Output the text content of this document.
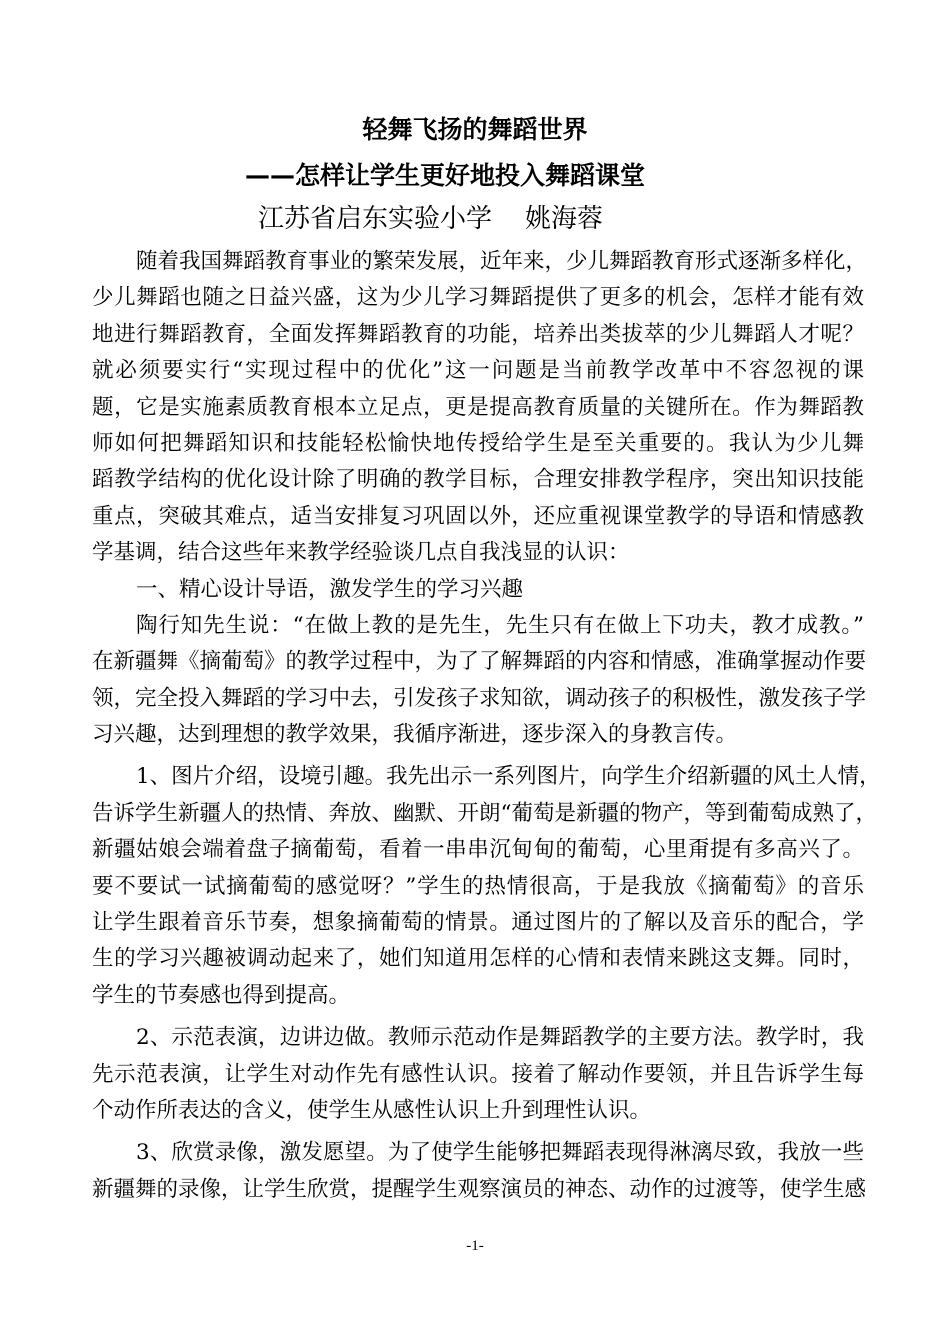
轻舞飞扬的舞蹈世界
——怎样让学生更好地投入舞蹈课堂
江苏省启东实验小学    姚海蓉
随着我国舞蹈教育事业的繁荣发展，近年来，少儿舞蹈教育形式逐渐多样化，
少儿舞蹈也随之日益兴盛，这为少儿学习舞蹈提供了更多的机会，怎样才能有效
地进行舞蹈教育，全面发挥舞蹈教育的功能，培养出类拔萃的少儿舞蹈人才呢？
就必须要实行“实现过程中的优化”这一问题是当前教学改革中不容忽视的课
题，它是实施素质教育根本立足点，更是提高教育质量的关键所在。作为舞蹈教
师如何把舞蹈知识和技能轻松愉快地传授给学生是至关重要的。我认为少儿舞
蹈教学结构的优化设计除了明确的教学目标，合理安排教学程序，突出知识技能
重点，突破其难点，适当安排复习巩固以外，还应重视课堂教学的导语和情感教
学基调，结合这些年来教学经验谈几点自我浅显的认识：
一、精心设计导语，激发学生的学习兴趣
陶行知先生说：“在做上教的是先生，先生只有在做上下功夫，教才成教。”
在新疆舞《摘葡萄》的教学过程中，为了了解舞蹈的内容和情感，准确掌握动作要
领，完全投入舞蹈的学习中去，引发孩子求知欲，调动孩子的积极性，激发孩子学
习兴趣，达到理想的教学效果，我循序渐进，逐步深入的身教言传。
1、图片介绍，设境引趣。我先出示一系列图片，向学生介绍新疆的风土人情，
告诉学生新疆人的热情、奔放、幽默、开朗“葡萄是新疆的物产，等到葡萄成熟了，
新疆姑娘会端着盘子摘葡萄，看着一串串沉甸甸的葡萄，心里甭提有多高兴了。
要不要试一试摘葡萄的感觉呀？”学生的热情很高，于是我放《摘葡萄》的音乐
让学生跟着音乐节奏，想象摘葡萄的情景。通过图片的了解以及音乐的配合，学
生的学习兴趣被调动起来了，她们知道用怎样的心情和表情来跳这支舞。同时，
学生的节奏感也得到提高。
2、示范表演，边讲边做。教师示范动作是舞蹈教学的主要方法。教学时，我
先示范表演，让学生对动作先有感性认识。接着了解动作要领，并且告诉学生每
个动作所表达的含义，使学生从感性认识上升到理性认识。
3、欣赏录像，激发愿望。为了使学生能够把舞蹈表现得淋漓尽致，我放一些
新疆舞的录像，让学生欣赏，提醒学生观察演员的神态、动作的过渡等，使学生感
-1-
